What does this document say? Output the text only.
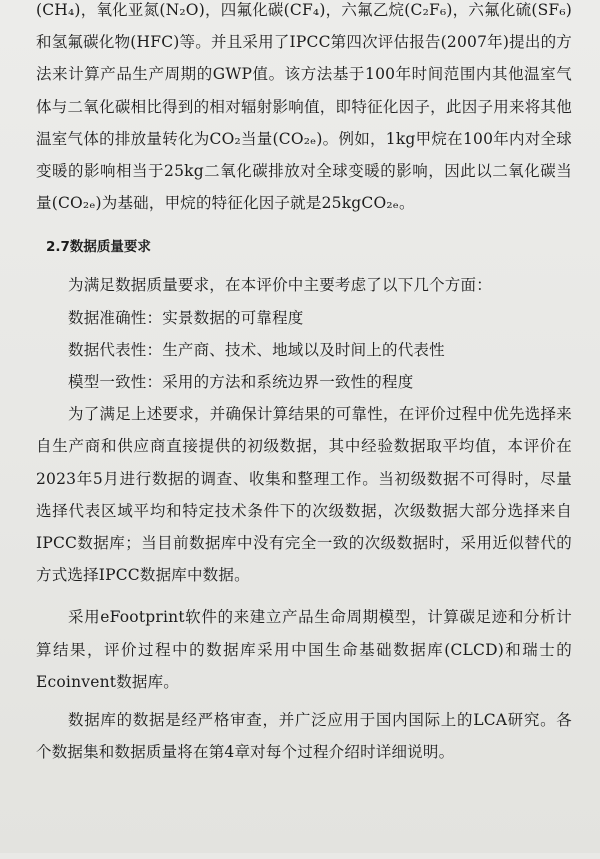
(CH₄)，氧化亚氮(N₂O)，四氟化碳(CF₄)，六氟乙烷(C₂F₆)，六氟化硫(SF₆)和氢氟碳化物(HFC)等。并且采用了IPCC第四次评估报告(2007年)提出的方法来计算产品生产周期的GWP值。该方法基于100年时间范围内其他温室气体与二氧化碳相比得到的相对辐射影响值，即特征化因子，此因子用来将其他温室气体的排放量转化为CO₂当量(CO₂ₑ)。例如，1kg甲烷在100年内对全球变暖的影响相当于25kg二氧化碳排放对全球变暖的影响，因此以二氧化碳当量(CO₂ₑ)为基础，甲烷的特征化因子就是25kgCO₂ₑ。

2.7数据质量要求

为满足数据质量要求，在本评价中主要考虑了以下几个方面：

数据准确性：实景数据的可靠程度

数据代表性：生产商、技术、地域以及时间上的代表性

模型一致性：采用的方法和系统边界一致性的程度

为了满足上述要求，并确保计算结果的可靠性，在评价过程中优先选择来自生产商和供应商直接提供的初级数据，其中经验数据取平均值，本评价在2023年5月进行数据的调查、收集和整理工作。当初级数据不可得时，尽量选择代表区域平均和特定技术条件下的次级数据，次级数据大部分选择来自IPCC数据库；当目前数据库中没有完全一致的次级数据时，采用近似替代的方式选择IPCC数据库中数据。

采用eFootprint软件的来建立产品生命周期模型，计算碳足迹和分析计算结果，评价过程中的数据库采用中国生命基础数据库(CLCD)和瑞士的Ecoinvent数据库。

数据库的数据是经严格审查，并广泛应用于国内国际上的LCA研究。各个数据集和数据质量将在第4章对每个过程介绍时详细说明。
